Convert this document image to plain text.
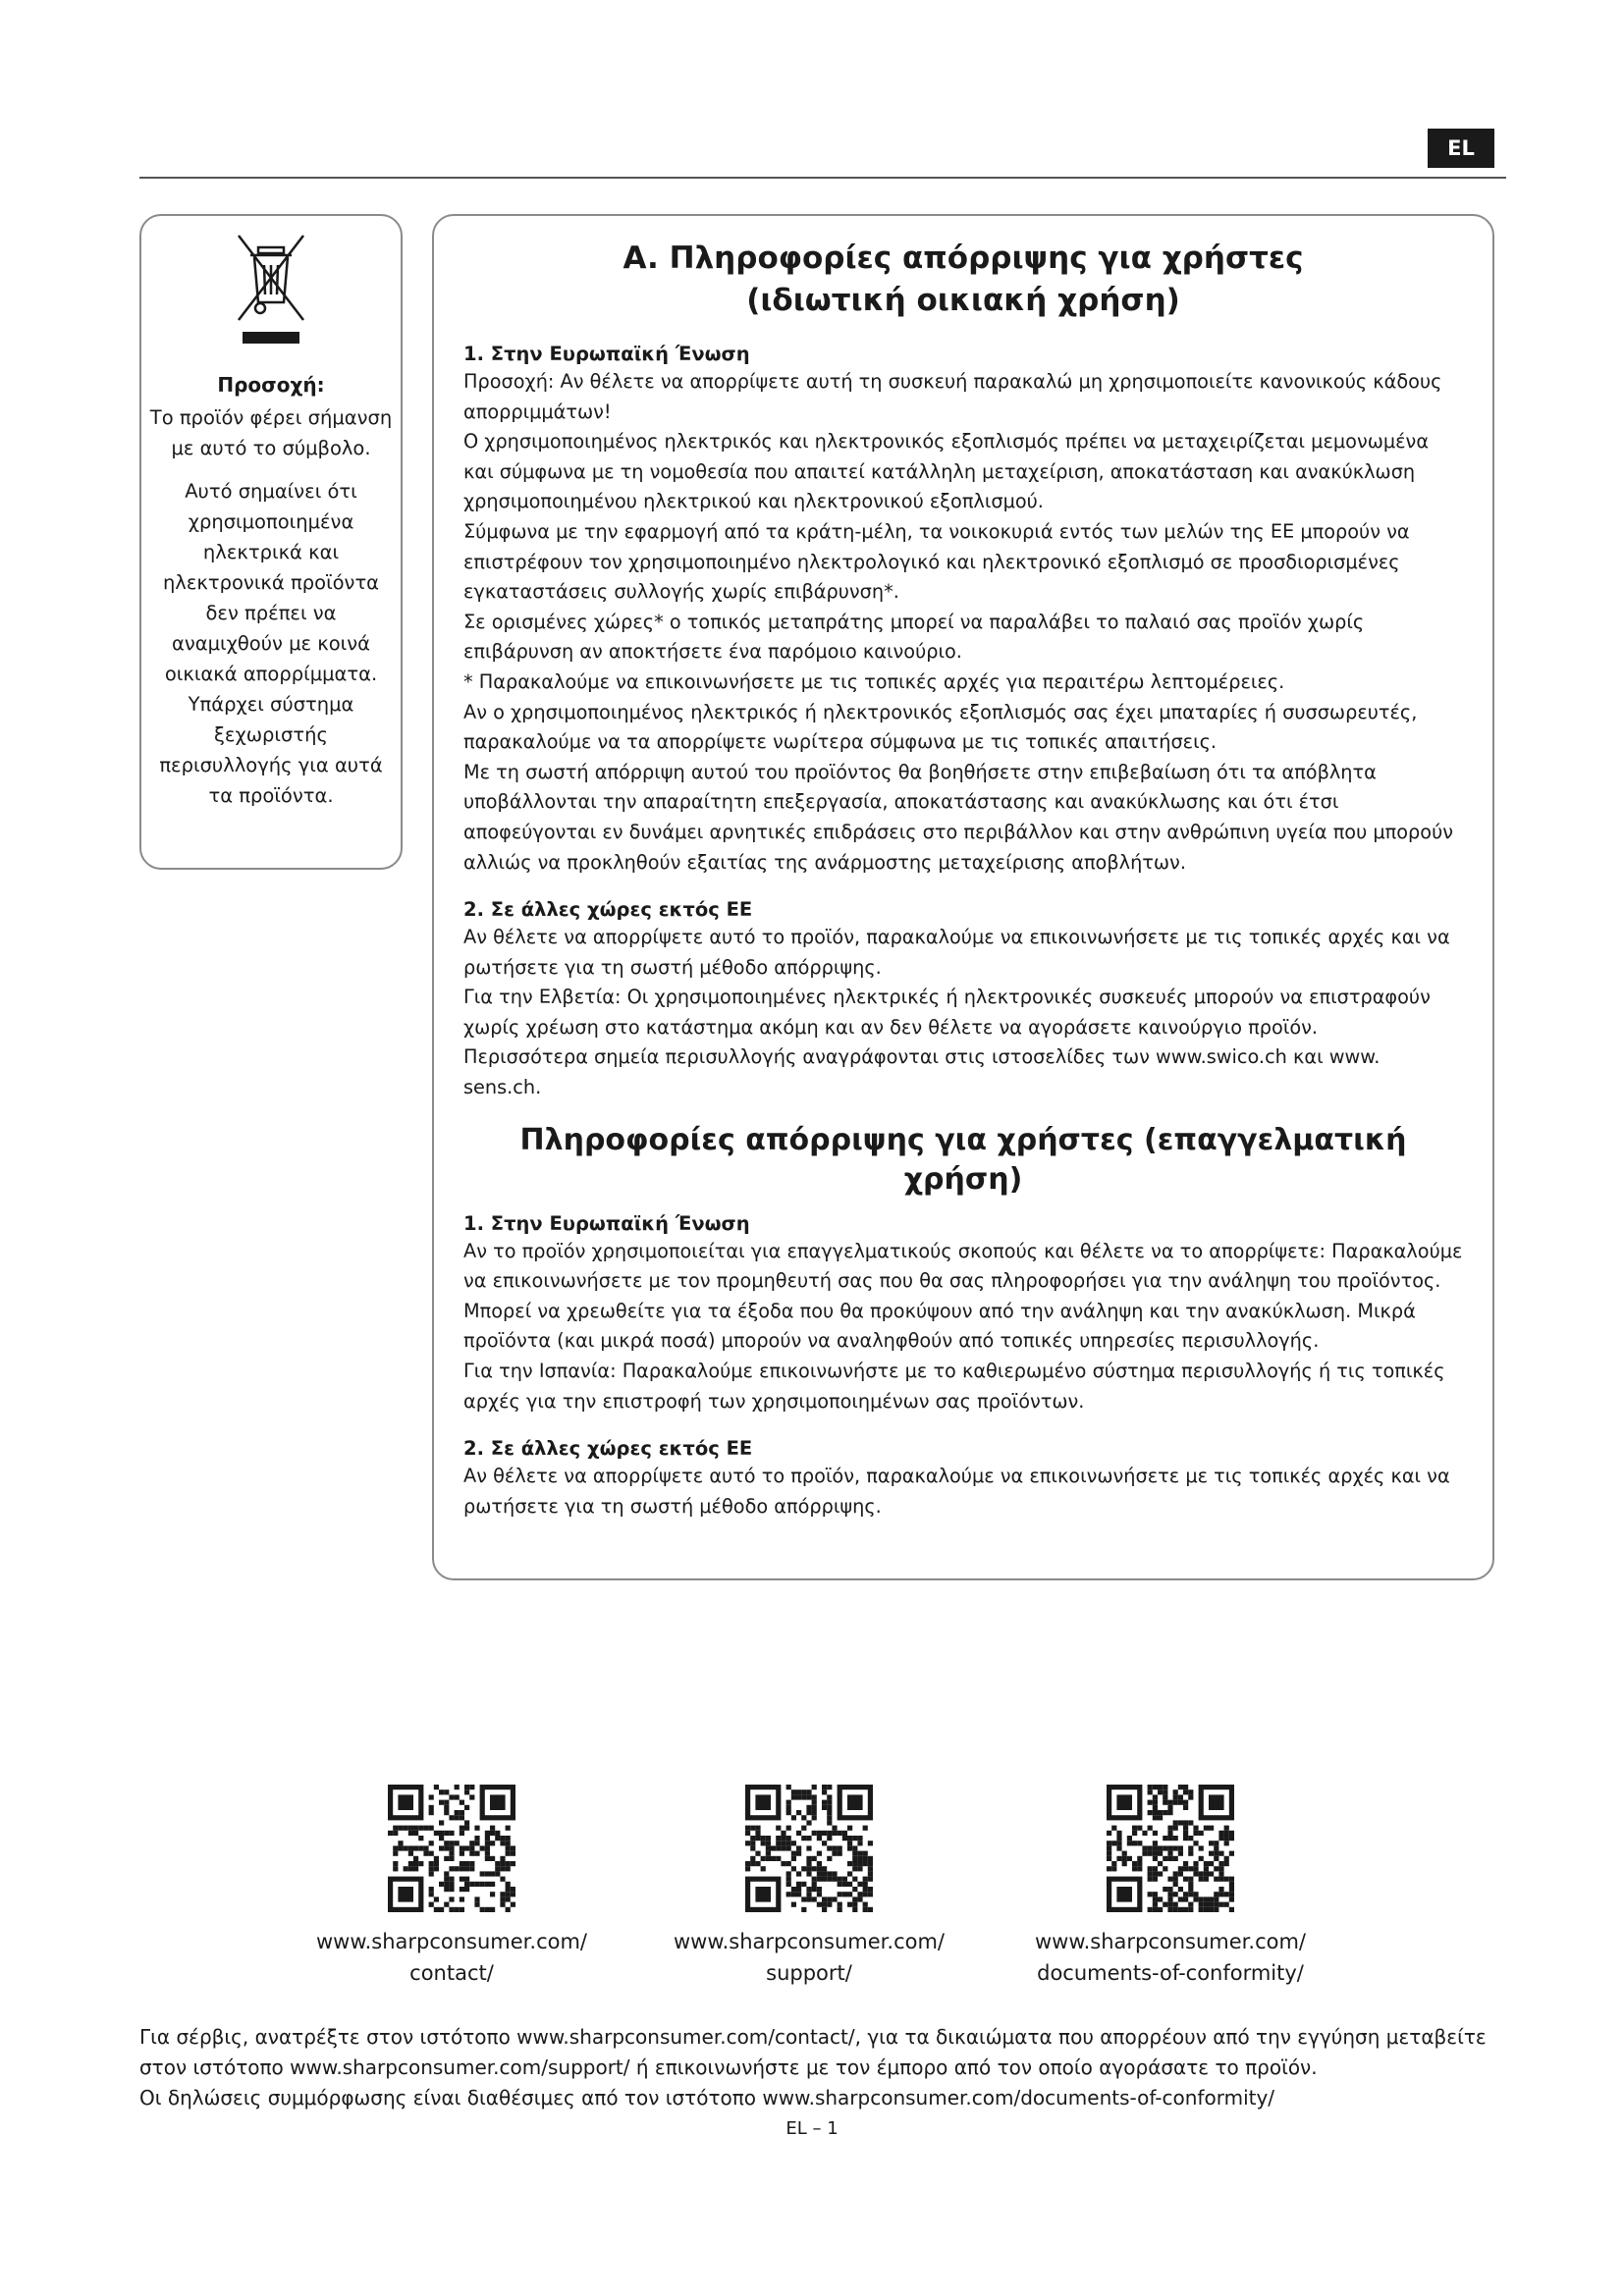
EL
Προσοχή:
Το προϊόν φέρει σήμανση με αυτό το σύμβολο.
Αυτό σημαίνει ότι χρησιμοποιημένα ηλεκτρικά και ηλεκτρονικά προϊόντα δεν πρέπει να αναμιχθούν με κοινά οικιακά απορρίμματα. Υπάρχει σύστημα ξεχωριστής περισυλλογής για αυτά τα προϊόντα.
A. Πληροφορίες απόρριψης για χρήστες
(ιδιωτική οικιακή χρήση)
1. Στην Ευρωπαϊκή Ένωση
Προσοχή: Αν θέλετε να απορρίψετε αυτή τη συσκευή παρακαλώ μη χρησιμοποιείτε κανονικούς κάδους απορριμμάτων!
Ο χρησιμοποιημένος ηλεκτρικός και ηλεκτρονικός εξοπλισμός πρέπει να μεταχειρίζεται μεμονωμένα και σύμφωνα με τη νομοθεσία που απαιτεί κατάλληλη μεταχείριση, αποκατάσταση και ανακύκλωση χρησιμοποιημένου ηλεκτρικού και ηλεκτρονικού εξοπλισμού.
Σύμφωνα με την εφαρμογή από τα κράτη-μέλη, τα νοικοκυριά εντός των μελών της ΕΕ μπορούν να επιστρέφουν τον χρησιμοποιημένο ηλεκτρολογικό και ηλεκτρονικό εξοπλισμό σε προσδιορισμένες εγκαταστάσεις συλλογής χωρίς επιβάρυνση*.
Σε ορισμένες χώρες* ο τοπικός μεταπράτης μπορεί να παραλάβει το παλαιό σας προϊόν χωρίς επιβάρυνση αν αποκτήσετε ένα παρόμοιο καινούριο.
* Παρακαλούμε να επικοινωνήσετε με τις τοπικές αρχές για περαιτέρω λεπτομέρειες.
Αν ο χρησιμοποιημένος ηλεκτρικός ή ηλεκτρονικός εξοπλισμός σας έχει μπαταρίες ή συσσωρευτές, παρακαλούμε να τα απορρίψετε νωρίτερα σύμφωνα με τις τοπικές απαιτήσεις.
Με τη σωστή απόρριψη αυτού του προϊόντος θα βοηθήσετε στην επιβεβαίωση ότι τα απόβλητα υποβάλλονται την απαραίτητη επεξεργασία, αποκατάστασης και ανακύκλωσης και ότι έτσι αποφεύγονται εν δυνάμει αρνητικές επιδράσεις στο περιβάλλον και στην ανθρώπινη υγεία που μπορούν αλλιώς να προκληθούν εξαιτίας της ανάρμοστης μεταχείρισης αποβλήτων.
2. Σε άλλες χώρες εκτός ΕΕ
Αν θέλετε να απορρίψετε αυτό το προϊόν, παρακαλούμε να επικοινωνήσετε με τις τοπικές αρχές και να ρωτήσετε για τη σωστή μέθοδο απόρριψης.
Για την Ελβετία: Οι χρησιμοποιημένες ηλεκτρικές ή ηλεκτρονικές συσκευές μπορούν να επιστραφούν χωρίς χρέωση στο κατάστημα ακόμη και αν δεν θέλετε να αγοράσετε καινούργιο προϊόν.
Περισσότερα σημεία περισυλλογής αναγράφονται στις ιστοσελίδες των www.swico.ch και www. sens.ch.
Πληροφορίες απόρριψης για χρήστες (επαγγελματική χρήση)
1. Στην Ευρωπαϊκή Ένωση
Αν το προϊόν χρησιμοποιείται για επαγγελματικούς σκοπούς και θέλετε να το απορρίψετε: Παρακαλούμε να επικοινωνήσετε με τον προμηθευτή σας που θα σας πληροφορήσει για την ανάληψη του προϊόντος. Μπορεί να χρεωθείτε για τα έξοδα που θα προκύψουν από την ανάληψη και την ανακύκλωση. Μικρά προϊόντα (και μικρά ποσά) μπορούν να αναληφθούν από τοπικές υπηρεσίες περισυλλογής.
Για την Ισπανία: Παρακαλούμε επικοινωνήστε με το καθιερωμένο σύστημα περισυλλογής ή τις τοπικές αρχές για την επιστροφή των χρησιμοποιημένων σας προϊόντων.
2. Σε άλλες χώρες εκτός ΕΕ
Αν θέλετε να απορρίψετε αυτό το προϊόν, παρακαλούμε να επικοινωνήσετε με τις τοπικές αρχές και να ρωτήσετε για τη σωστή μέθοδο απόρριψης.
www.sharpconsumer.com/
contact/
www.sharpconsumer.com/
support/
www.sharpconsumer.com/
documents-of-conformity/
Για σέρβις, ανατρέξτε στον ιστότοπο www.sharpconsumer.com/contact/, για τα δικαιώματα που απορρέουν από την εγγύηση μεταβείτε στον ιστότοπο www.sharpconsumer.com/support/ ή επικοινωνήστε με τον έμπορο από τον οποίο αγοράσατε το προϊόν.
Οι δηλώσεις συμμόρφωσης είναι διαθέσιμες από τον ιστότοπο www.sharpconsumer.com/documents-of-conformity/
EL – 1
